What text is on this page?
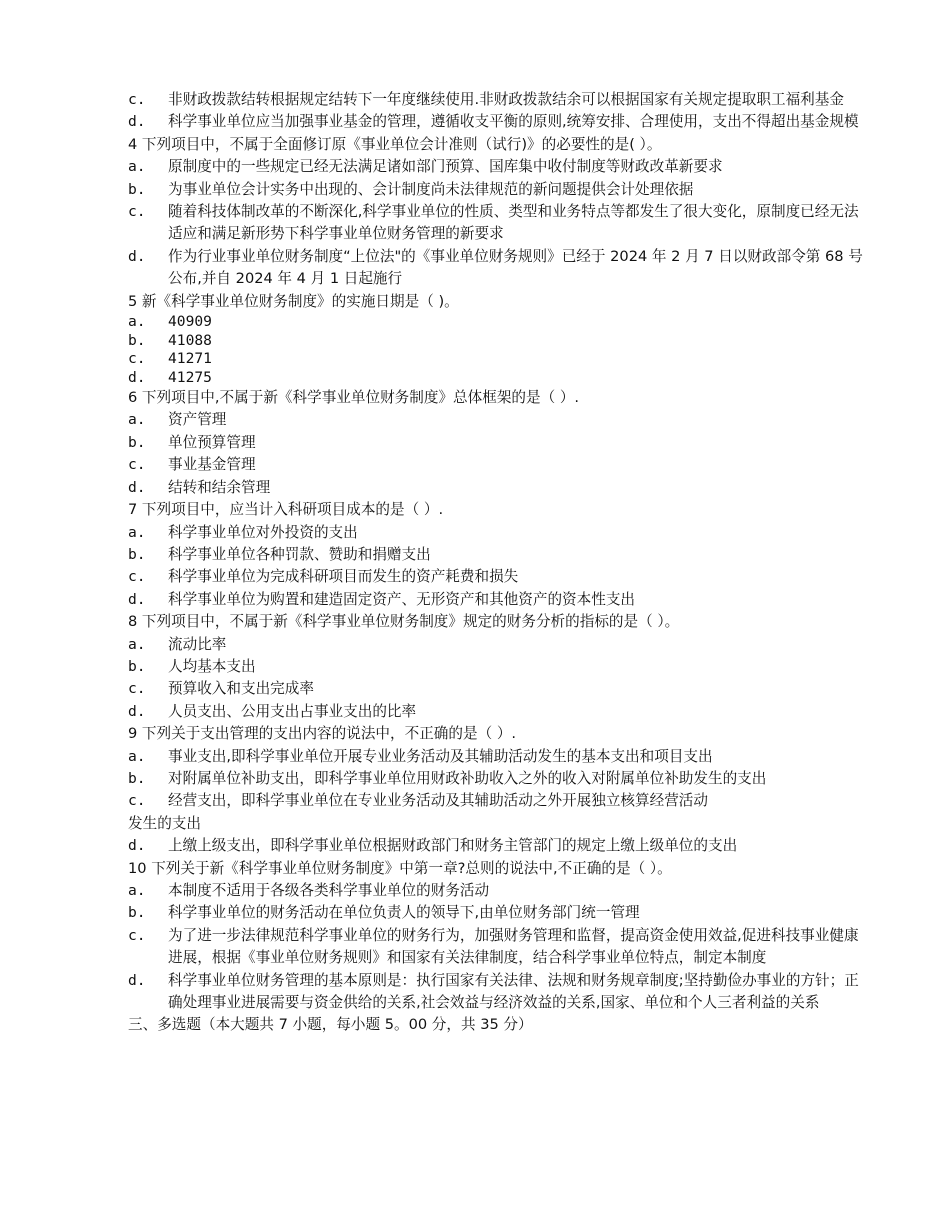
c.	非财政拨款结转根据规定结转下一年度继续使用.非财政拨款结余可以根据国家有关规定提取职工福利基金
d.	科学事业单位应当加强事业基金的管理，遵循收支平衡的原则,统筹安排、合理使用，支出不得超出基金规模
4 下列项目中，不属于全面修订原《事业单位会计准则（试行)》的必要性的是( ）。
a.	原制度中的一些规定已经无法满足诸如部门预算、国库集中收付制度等财政改革新要求
b.	为事业单位会计实务中出现的、会计制度尚未法律规范的新问题提供会计处理依据
c.	随着科技体制改革的不断深化,科学事业单位的性质、类型和业务特点等都发生了很大变化，原制度已经无法适应和满足新形势下科学事业单位财务管理的新要求
d.	作为行业事业单位财务制度“上位法"的《事业单位财务规则》已经于 2024 年 2 月 7 日以财政部令第 68 号公布,并自 2024 年 4 月 1 日起施行
5 新《科学事业单位财务制度》的实施日期是（ )。
a.	40909
b.	41088
c.	41271
d.	41275
6 下列项目中,不属于新《科学事业单位财务制度》总体框架的是（ ）.
a.	资产管理
b.	单位预算管理
c.	事业基金管理
d.	结转和结余管理
7 下列项目中，应当计入科研项目成本的是（ ）.
a.	科学事业单位对外投资的支出
b.	科学事业单位各种罚款、赞助和捐赠支出
c.	科学事业单位为完成科研项目而发生的资产耗费和损失
d.	科学事业单位为购置和建造固定资产、无形资产和其他资产的资本性支出
8 下列项目中，不属于新《科学事业单位财务制度》规定的财务分析的指标的是（ ）。
a.	流动比率
b.	人均基本支出
c.	预算收入和支出完成率
d.	人员支出、公用支出占事业支出的比率
9 下列关于支出管理的支出内容的说法中，不正确的是（ ）.
a.	事业支出,即科学事业单位开展专业业务活动及其辅助活动发生的基本支出和项目支出
b.	对附属单位补助支出，即科学事业单位用财政补助收入之外的收入对附属单位补助发生的支出
c.	经营支出，即科学事业单位在专业业务活动及其辅助活动之外开展独立核算经营活动
发生的支出
d.	上缴上级支出，即科学事业单位根据财政部门和财务主管部门的规定上缴上级单位的支出
10 下列关于新《科学事业单位财务制度》中第一章?总则的说法中,不正确的是（ ）。
a.	本制度不适用于各级各类科学事业单位的财务活动
b.	科学事业单位的财务活动在单位负责人的领导下,由单位财务部门统一管理
c.	为了进一步法律规范科学事业单位的财务行为，加强财务管理和监督，提高资金使用效益,促进科技事业健康进展，根据《事业单位财务规则》和国家有关法律制度，结合科学事业单位特点，制定本制度
d.	科学事业单位财务管理的基本原则是：执行国家有关法律、法规和财务规章制度;坚持勤俭办事业的方针；正确处理事业进展需要与资金供给的关系,社会效益与经济效益的关系,国家、单位和个人三者利益的关系
三、多选题（本大题共 7 小题，每小题 5。00 分，共 35 分）
